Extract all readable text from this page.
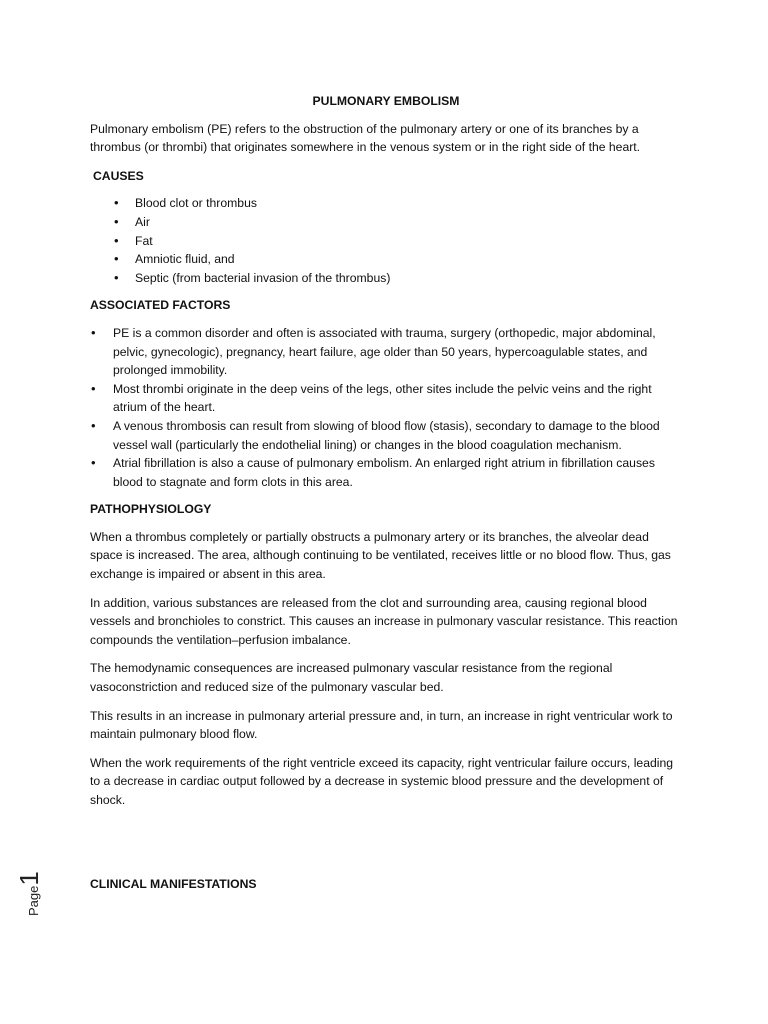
PULMONARY EMBOLISM
Pulmonary embolism (PE) refers to the obstruction of the pulmonary artery or one of its branches by a thrombus (or thrombi) that originates somewhere in the venous system or in the right side of the heart.
CAUSES
• Blood clot or thrombus
• Air
• Fat
• Amniotic fluid, and
• Septic (from bacterial invasion of the thrombus)
ASSOCIATED FACTORS
• PE is a common disorder and often is associated with trauma, surgery (orthopedic, major abdominal, pelvic, gynecologic), pregnancy, heart failure, age older than 50 years, hypercoagulable states, and prolonged immobility.
• Most thrombi originate in the deep veins of the legs, other sites include the pelvic veins and the right atrium of the heart.
• A venous thrombosis can result from slowing of blood flow (stasis), secondary to damage to the blood vessel wall (particularly the endothelial lining) or changes in the blood coagulation mechanism.
• Atrial fibrillation is also a cause of pulmonary embolism. An enlarged right atrium in fibrillation causes blood to stagnate and form clots in this area.
PATHOPHYSIOLOGY
When a thrombus completely or partially obstructs a pulmonary artery or its branches, the alveolar dead space is increased. The area, although continuing to be ventilated, receives little or no blood flow. Thus, gas exchange is impaired or absent in this area.
In addition, various substances are released from the clot and surrounding area, causing regional blood vessels and bronchioles to constrict. This causes an increase in pulmonary vascular resistance. This reaction compounds the ventilation–perfusion imbalance.
The hemodynamic consequences are increased pulmonary vascular resistance from the regional vasoconstriction and reduced size of the pulmonary vascular bed.
This results in an increase in pulmonary arterial pressure and, in turn, an increase in right ventricular work to maintain pulmonary blood flow.
When the work requirements of the right ventricle exceed its capacity, right ventricular failure occurs, leading to a decrease in cardiac output followed by a decrease in systemic blood pressure and the development of shock.
CLINICAL MANIFESTATIONS
Page1
